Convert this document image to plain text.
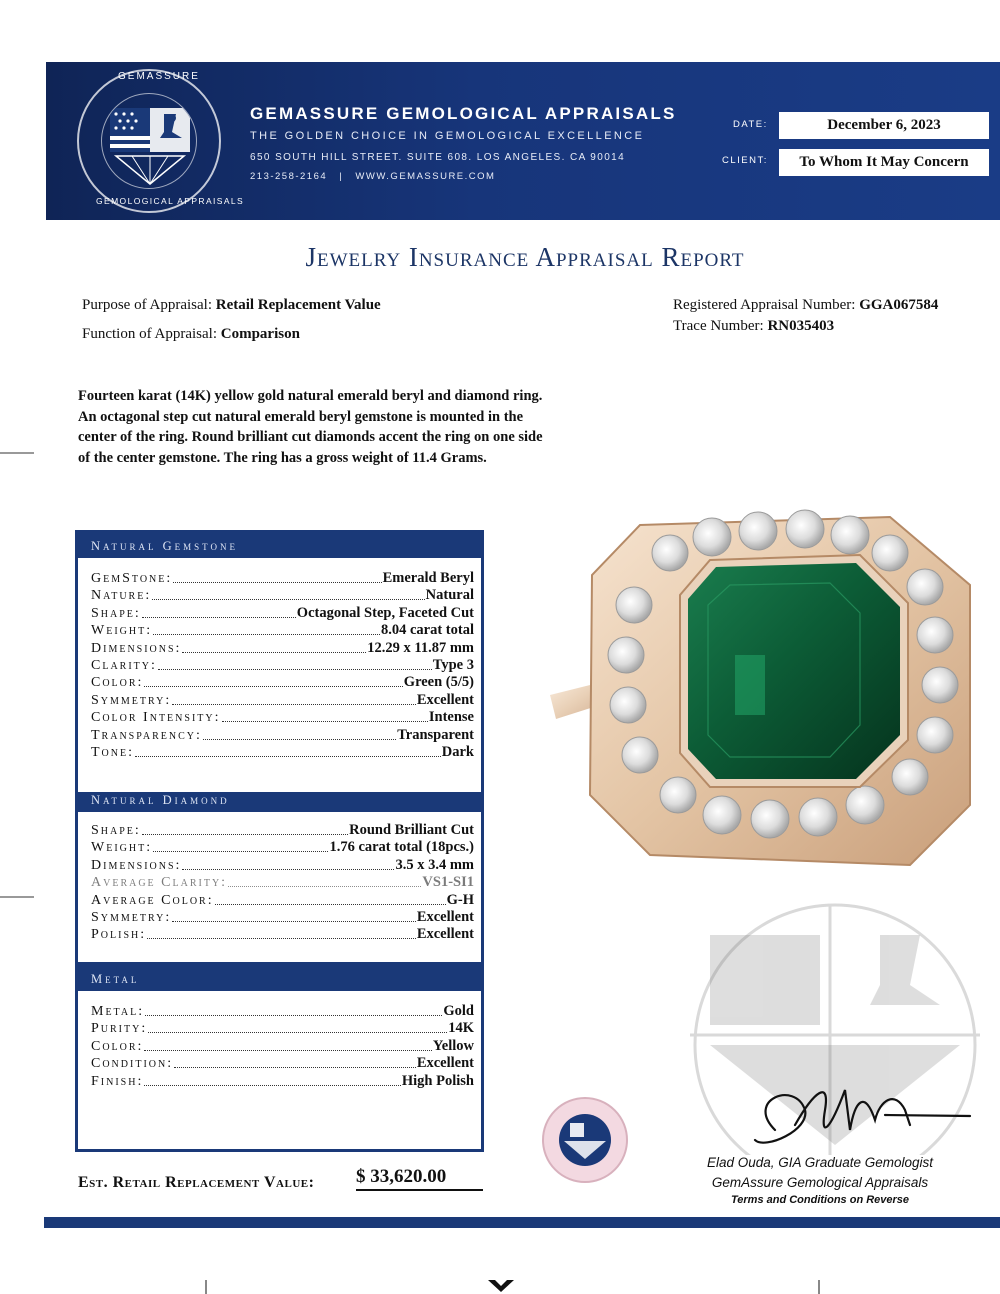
GEMASSURE
GEMOLOGICAL APPRAISALS
GEMASSURE GEMOLOGICAL APPRAISALS
THE GOLDEN CHOICE IN GEMOLOGICAL EXCELLENCE
650 SOUTH HILL STREET. SUITE 608. LOS ANGELES. CA 90014
213-258-2164 | WWW.GEMASSURE.COM
DATE:	December 6, 2023
CLIENT:	To Whom It May Concern
Jewelry Insurance Appraisal Report
Purpose of Appraisal: Retail Replacement Value
Function of Appraisal: Comparison
Registered Appraisal Number: GGA067584
Trace Number: RN035403
Fourteen karat (14K) yellow gold natural emerald beryl and diamond ring. An octagonal step cut natural emerald beryl gemstone is mounted in the center of the ring. Round brilliant cut diamonds accent the ring on one side of the center gemstone. The ring has a gross weight of 11.4 Grams.
Natural Gemstone
GemStone:	Emerald Beryl
Nature:	Natural
Shape:	Octagonal Step, Faceted Cut
Weight:	8.04 carat total
Dimensions:	12.29 x 11.87 mm
Clarity:	Type 3
Color:	Green (5/5)
Symmetry:	Excellent
Color Intensity:	Intense
Transparency:	Transparent
Tone:	Dark
Natural Diamond
Shape:	Round Brilliant Cut
Weight:	1.76 carat total (18pcs.)
Dimensions:	3.5 x 3.4 mm
Average Clarity:	VS1-SI1
Average Color:	G-H
Symmetry:	Excellent
Polish:	Excellent
Metal
Metal:	Gold
Purity:	14K
Color:	Yellow
Condition:	Excellent
Finish:	High Polish
Elad Ouda, GIA Graduate Gemologist
GemAssure Gemological Appraisals
Terms and Conditions on Reverse
Est. Retail Replacement Value: $ 33,620.00
